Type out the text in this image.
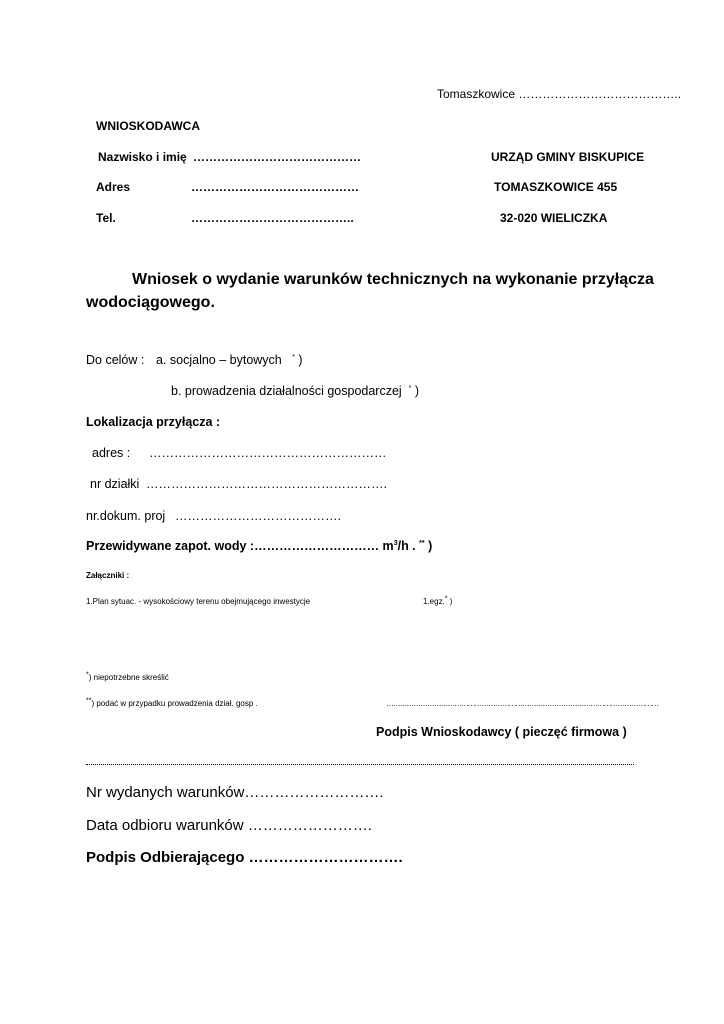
Tomaszkowice …………………………………..
WNIOSKODAWCA
Nazwisko i imię ……………………………………
Adres	……………………………………
Tel.	…………………………………..
URZĄD GMINY BISKUPICE
TOMASZKOWICE 455
32-020 WIELICZKA
Wniosek o wydanie warunków technicznych na wykonanie przyłącza
wodociągowego.
Do celów : a. socjalno – bytowych * )
b. prowadzenia działalności gospodarczej * )
Lokalizacja przyłącza :
adres : …………………………………………………
nr działki ………………………………………………….
nr.dokum. proj ………………………………….
Przewidywane zapot. wody :………………………… $m^3/h$ . ** )
Załączniki :
1.Plan sytuac. - wysokościowy terenu obejmującego inwestycje	1.egz.* )
*) niepotrzebne skreślić
**) podać w przypadku prowadzenia dział. gosp .	…………………………………………………………………………………………………………
Podpis Wnioskodawcy ( pieczęć firmowa )
Nr wydanych warunków……………………….
Data odbioru warunków …………………….
Podpis Odbierającego ………………………….
